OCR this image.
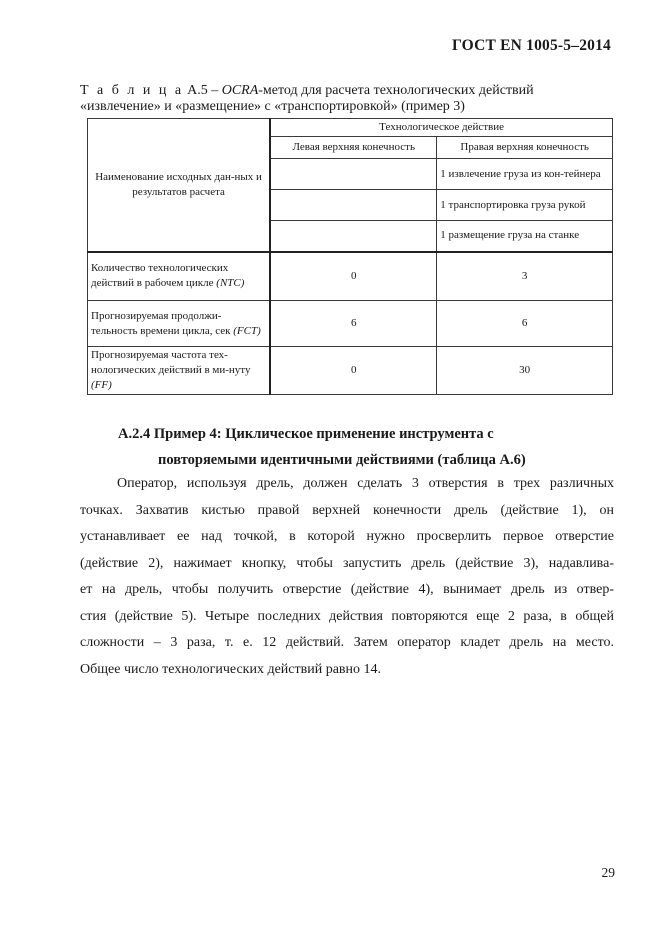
ГОСТ EN 1005-5–2014
Т а б л и ц а А.5 – OCRA-метод для расчета технологических действий
«извлечение» и «размещение» с «транспортировкой» (пример 3)
Наименование исходных дан-ных и результатов расчета	Технологическое действие	
	Левая верхняя конечность	Правая верхняя конечность
		1 извлечение груза из кон-тейнера
		1 транспортировка груза рукой
		1 размещение груза на станке
Количество технологических действий в рабочем цикле (NTC)	0	3
Прогнозируемая продолжи-тельность времени цикла, сек (FCT)	6	6
Прогнозируемая частота тех-нологических действий в ми-нуту (FF)	0	30
А.2.4 Пример 4: Циклическое применение инструмента с
повторяемыми идентичными действиями (таблица А.6)
Оператор, используя дрель, должен сделать 3 отверстия в трех различных
точках. Захватив кистью правой верхней конечности дрель (действие 1), он
устанавливает ее над точкой, в которой нужно просверлить первое отверстие
(действие 2), нажимает кнопку, чтобы запустить дрель (действие 3), надавлива-
ет на дрель, чтобы получить отверстие (действие 4), вынимает дрель из отвер-
стия (действие 5). Четыре последних действия повторяются еще 2 раза, в общей
сложности – 3 раза, т. е. 12 действий. Затем оператор кладет дрель на место.
Общее число технологических действий равно 14.
29
